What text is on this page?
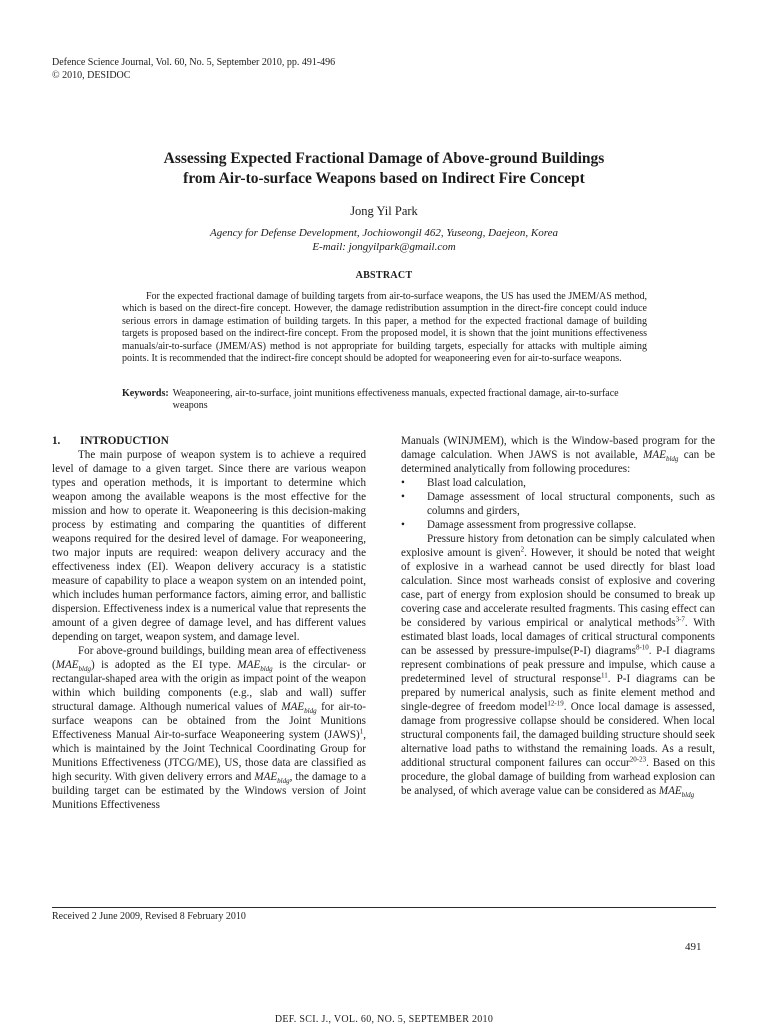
Defence Science Journal, Vol. 60, No. 5, September 2010, pp. 491-496
© 2010, DESIDOC
Assessing Expected Fractional Damage of Above-ground Buildings
from Air-to-surface Weapons based on Indirect Fire Concept
Jong Yil Park
Agency for Defense Development, Jochiowongil 462, Yuseong, Daejeon, Korea
E-mail: jongyilpark@gmail.com
ABSTRACT
For the expected fractional damage of building targets from air-to-surface weapons, the US has used the JMEM/AS method, which is based on the direct-fire concept. However, the damage redistribution assumption in the direct-fire concept could induce serious errors in damage estimation of building targets. In this paper, a method for the expected fractional damage of building targets is proposed based on the indirect-fire concept. From the proposed model, it is shown that the joint munitions effectiveness manuals/air-to-surface (JMEM/AS) method is not appropriate for building targets, especially for attacks with multiple aiming points. It is recommended that the indirect-fire concept should be adopted for weaponeering even for air-to-surface weapons.
Keywords: Weaponeering, air-to-surface, joint munitions effectiveness manuals, expected fractional damage, air-to-surface weapons
1. INTRODUCTION

The main purpose of weapon system is to achieve a required level of damage to a given target. Since there are various weapon types and operation methods, it is important to determine which weapon among the available weapons is the most effective for the mission and how to operate it. Weaponeering is this decision-making process by estimating and comparing the quantities of different weapons required for the desired level of damage. For weaponeering, two major inputs are required: weapon delivery accuracy and the effectiveness index (EI). Weapon delivery accuracy is a statistic measure of capability to place a weapon system on an intended point, which includes human performance factors, aiming error, and ballistic dispersion. Effectiveness index is a numerical value that represents the amount of a given degree of damage level, and has different values depending on target, weapon system, and damage level.

For above-ground buildings, building mean area of effectiveness $(MAE_{bldg})$ is adopted as the EI type. $MAE_{bldg}$ is the circular- or rectangular-shaped area with the origin as impact point of the weapon within which building components (e.g., slab and wall) suffer structural damage. Although numerical values of $MAE_{bldg}$ for air-to-surface weapons can be obtained from the Joint Munitions Effectiveness Manual Air-to-surface Weaponeering system (JAWS)$^1$, which is maintained by the Joint Technical Coordinating Group for Munitions Effectiveness (JTCG/ME), US, those data are classified as high security. With given delivery errors and $MAE_{bldg}$, the damage to a building target can be estimated by the Windows version of Joint Munitions Effectiveness

Manuals (WINJMEM), which is the Window-based program for the damage calculation. When JAWS is not available, $MAE_{bldg}$ can be determined analytically from following procedures:

• Blast load calculation,
• Damage assessment of local structural components, such as columns and girders,
• Damage assessment from progressive collapse.

Pressure history from detonation can be simply calculated when explosive amount is given$^2$. However, it should be noted that weight of explosive in a warhead cannot be used directly for blast load calculation. Since most warheads consist of explosive and covering case, part of energy from explosion should be consumed to break up covering case and accelerate resulted fragments. This casing effect can be considered by various empirical or analytical methods$^{3-7}$. With estimated blast loads, local damages of critical structural components can be assessed by pressure-impulse(P-I) diagrams$^{8-10}$. P-I diagrams represent combinations of peak pressure and impulse, which cause a predetermined level of structural response$^{11}$. P-I diagrams can be prepared by numerical analysis, such as finite element method and single-degree of freedom model$^{12-19}$. Once local damage is assessed, damage from progressive collapse should be considered. When local structural components fail, the damaged building structure should seek alternative load paths to withstand the remaining loads. As a result, additional structural component failures can occur$^{20-23}$. Based on this procedure, the global damage of building from warhead explosion can be analysed, of which average value can be considered as $MAE_{bldg}$

Received 2 June 2009, Revised 8 February 2010
491
DEF. SCI. J., VOL. 60, NO. 5, SEPTEMBER 2010
